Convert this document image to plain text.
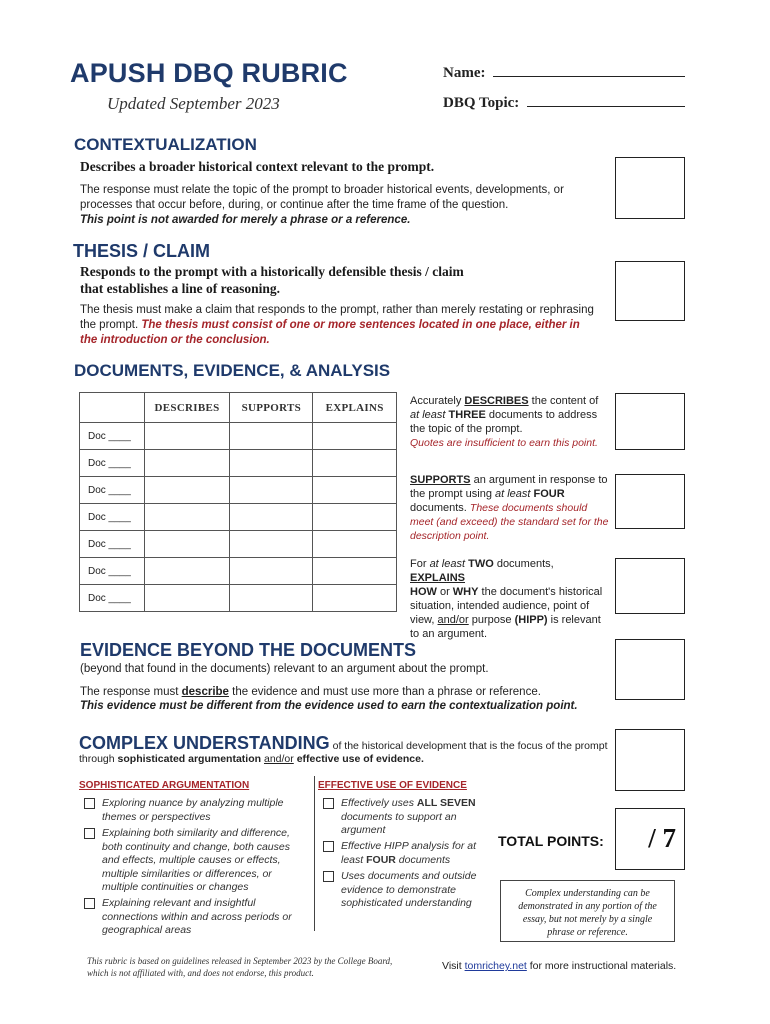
APUSH DBQ RUBRIC
Updated September 2023
Name:
DBQ Topic:
CONTEXTUALIZATION
Describes a broader historical context relevant to the prompt.
The response must relate the topic of the prompt to broader historical events, developments, or processes that occur before, during, or continue after the time frame of the question.
This point is not awarded for merely a phrase or a reference.
THESIS / CLAIM
Responds to the prompt with a historically defensible thesis / claim
that establishes a line of reasoning.
The thesis must make a claim that responds to the prompt, rather than merely restating or rephrasing the prompt. The thesis must consist of one or more sentences located in one place, either in the introduction or the conclusion.
DOCUMENTS, EVIDENCE, & ANALYSIS
	DESCRIBES	SUPPORTS	EXPLAINS
Doc ____			
Doc ____			
Doc ____			
Doc ____			
Doc ____			
Doc ____			
Doc ____			
Accurately DESCRIBES the content of at least THREE documents to address the topic of the prompt.
Quotes are insufficient to earn this point.
SUPPORTS an argument in response to the prompt using at least FOUR documents. These documents should meet (and exceed) the standard set for the description point.
For at least TWO documents, EXPLAINS
HOW or WHY the document's historical situation, intended audience, point of view, and/or purpose (HIPP) is relevant to an argument.
EVIDENCE BEYOND THE DOCUMENTS
(beyond that found in the documents) relevant to an argument about the prompt.
The response must describe the evidence and must use more than a phrase or reference.
This evidence must be different from the evidence used to earn the contextualization point.
COMPLEX UNDERSTANDING of the historical development that is the focus of the prompt
through sophisticated argumentation and/or effective use of evidence.
SOPHISTICATED ARGUMENTATION	EFFECTIVE USE OF EVIDENCE
Exploring nuance by analyzing multiple themes or perspectives
Explaining both similarity and difference, both continuity and change, both causes and effects, multiple causes or effects, multiple similarities or differences, or multiple continuities or changes
Explaining relevant and insightful connections within and across periods or geographical areas
Effectively uses ALL SEVEN documents to support an argument
Effective HIPP analysis for at least FOUR documents
Uses documents and outside evidence to demonstrate sophisticated understanding
TOTAL POINTS: / 7
Complex understanding can be demonstrated in any portion of the essay, but not merely by a single phrase or reference.
This rubric is based on guidelines released in September 2023 by the College Board, which is not affiliated with, and does not endorse, this product.
Visit tomrichey.net for more instructional materials.
